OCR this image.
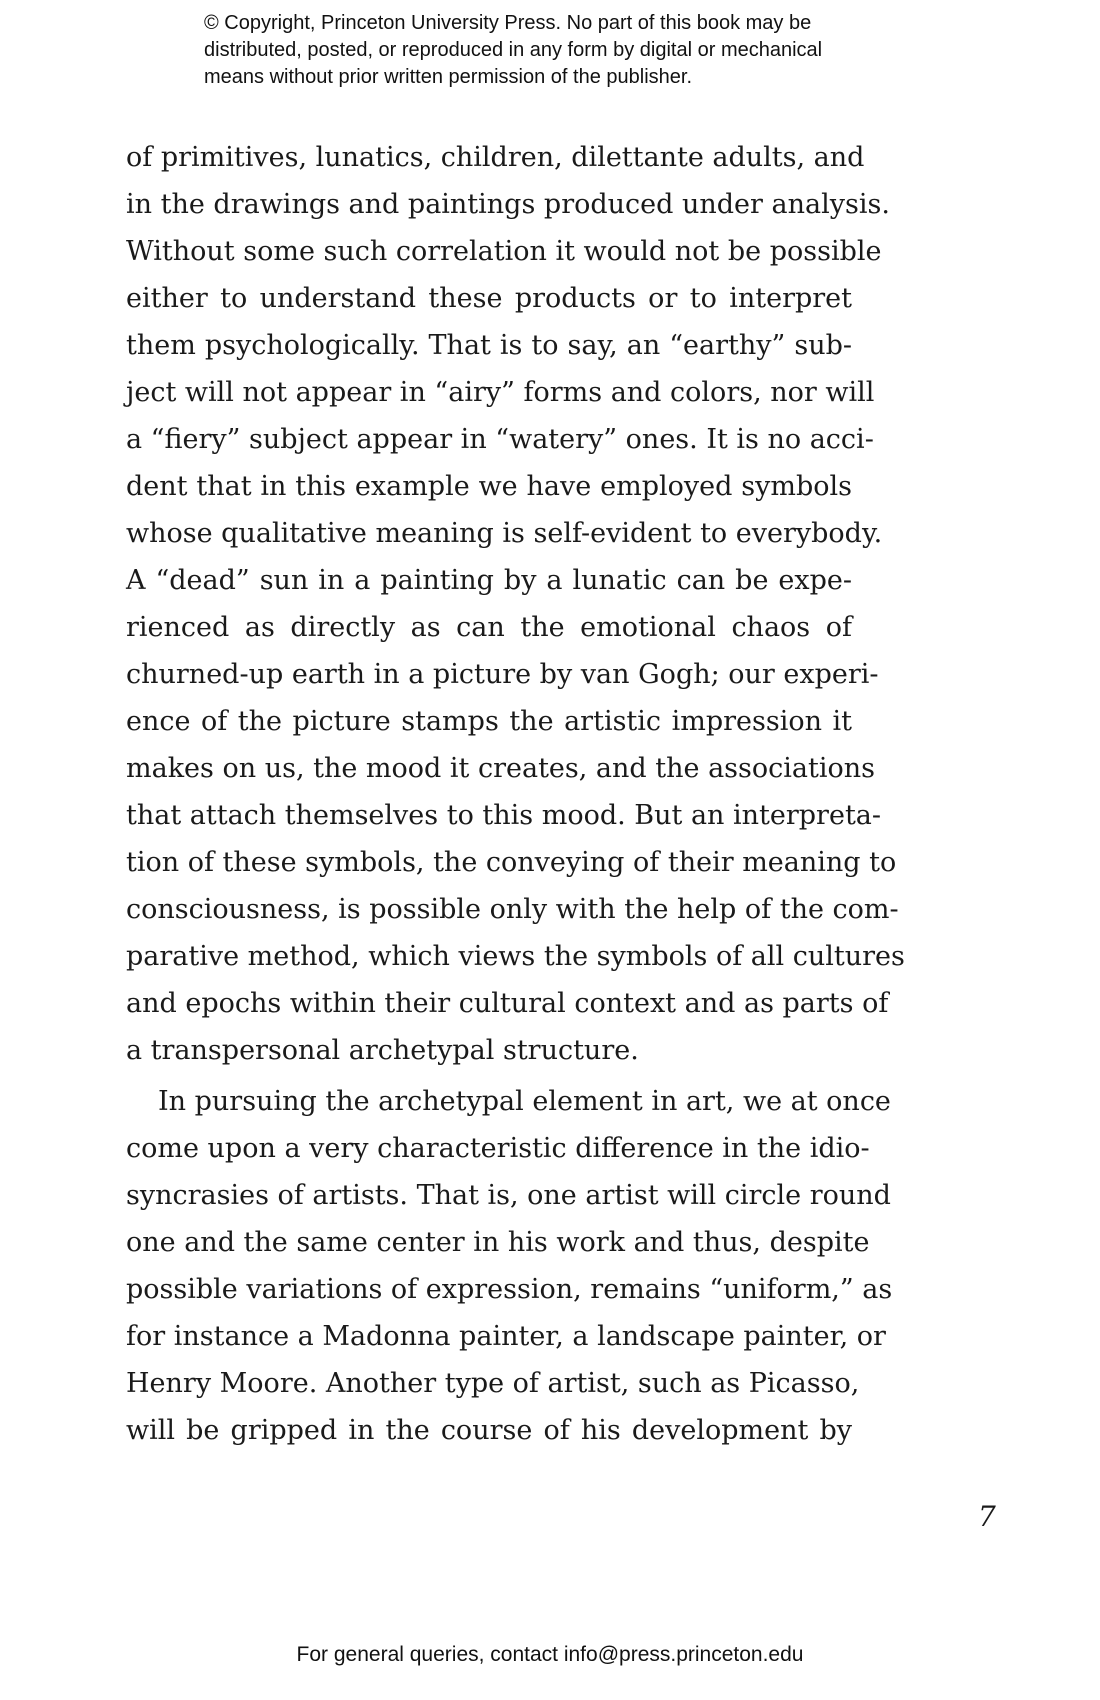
© Copyright, Princeton University Press. No part of this book may be
distributed, posted, or reproduced in any form by digital or mechanical
means without prior written permission of the publisher.
of primitives, lunatics, children, dilettante adults, and
in the drawings and paintings produced under analysis.
Without some such correlation it would not be possible
either to understand these products or to interpret
them psychologically. That is to say, an “earthy” sub-
ject will not appear in “airy” forms and colors, nor will
a “fiery” subject appear in “watery” ones. It is no acci-
dent that in this example we have employed symbols
whose qualitative meaning is self-evident to everybody.
A “dead” sun in a painting by a lunatic can be expe-
rienced as directly as can the emotional chaos of
churned-up earth in a picture by van Gogh; our experi-
ence of the picture stamps the artistic impression it
makes on us, the mood it creates, and the associations
that attach themselves to this mood. But an interpreta-
tion of these symbols, the conveying of their meaning to
consciousness, is possible only with the help of the com-
parative method, which views the symbols of all cultures
and epochs within their cultural context and as parts of
a transpersonal archetypal structure.
In pursuing the archetypal element in art, we at once
come upon a very characteristic difference in the idio-
syncrasies of artists. That is, one artist will circle round
one and the same center in his work and thus, despite
possible variations of expression, remains “uniform,” as
for instance a Madonna painter, a landscape painter, or
Henry Moore. Another type of artist, such as Picasso,
will be gripped in the course of his development by
7
For general queries, contact info@press.princeton.edu
